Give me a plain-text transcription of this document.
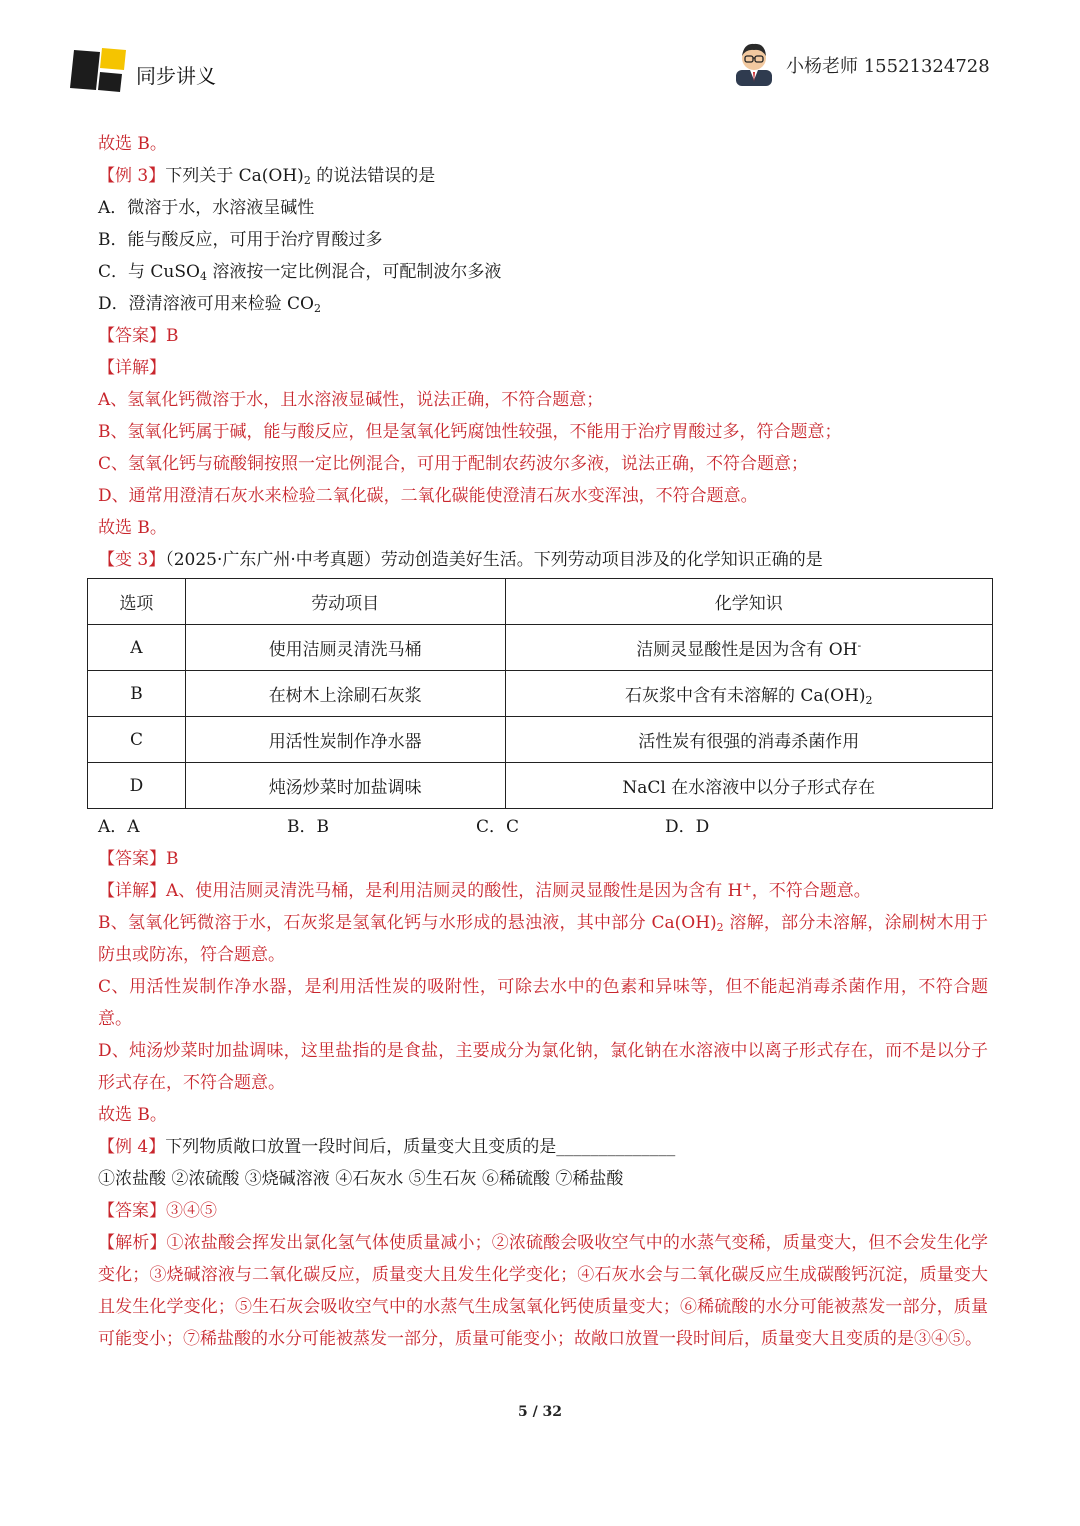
同步讲义	小杨老师 15521324728
故选 B。
【例 3】下列关于 $Ca(OH)_2$ 的说法错误的是
A．微溶于水，水溶液呈碱性
B．能与酸反应，可用于治疗胃酸过多
C．与 CuSO$_4$ 溶液按一定比例混合，可配制波尔多液
D．澄清溶液可用来检验 $CO_2$
【答案】B
【详解】
A、氢氧化钙微溶于水，且水溶液显碱性，说法正确，不符合题意；
B、氢氧化钙属于碱，能与酸反应，但是氢氧化钙腐蚀性较强，不能用于治疗胃酸过多，符合题意；
C、氢氧化钙与硫酸铜按照一定比例混合，可用于配制农药波尔多液，说法正确，不符合题意；
D、通常用澄清石灰水来检验二氧化碳，二氧化碳能使澄清石灰水变浑浊，不符合题意。
故选 B。
【变 3】（2025·广东广州·中考真题）劳动创造美好生活。下列劳动项目涉及的化学知识正确的是
选项	劳动项目	化学知识
A	使用洁厕灵清洗马桶	洁厕灵显酸性是因为含有 OH-
B	在树木上涂刷石灰浆	石灰浆中含有未溶解的 $Ca(OH)_2$
C	用活性炭制作净水器	活性炭有很强的消毒杀菌作用
D	炖汤炒菜时加盐调味	NaCl 在水溶液中以分子形式存在
A．A	B．B	C．C	D．D
【答案】B
【详解】A、使用洁厕灵清洗马桶，是利用洁厕灵的酸性，洁厕灵显酸性是因为含有 H+，不符合题意。
B、氢氧化钙微溶于水，石灰浆是氢氧化钙与水形成的悬浊液，其中部分 $Ca(OH)_2$ 溶解，部分未溶解，涂刷树木用于防虫或防冻，符合题意。
C、用活性炭制作净水器，是利用活性炭的吸附性，可除去水中的色素和异味等，但不能起消毒杀菌作用，不符合题意。
D、炖汤炒菜时加盐调味，这里盐指的是食盐，主要成分为氯化钠，氯化钠在水溶液中以离子形式存在，而不是以分子形式存在，不符合题意。
故选 B。
【例 4】下列物质敞口放置一段时间后，质量变大且变质的是______________
①浓盐酸 ②浓硫酸 ③烧碱溶液 ④石灰水 ⑤生石灰 ⑥稀硫酸 ⑦稀盐酸
【答案】③④⑤
【解析】①浓盐酸会挥发出氯化氢气体使质量减小；②浓硫酸会吸收空气中的水蒸气变稀，质量变大，但不会发生化学变化；③烧碱溶液与二氧化碳反应，质量变大且发生化学变化；④石灰水会与二氧化碳反应生成碳酸钙沉淀，质量变大且发生化学变化；⑤生石灰会吸收空气中的水蒸气生成氢氧化钙使质量变大；⑥稀硫酸的水分可能被蒸发一部分，质量可能变小；⑦稀盐酸的水分可能被蒸发一部分，质量可能变小；故敞口放置一段时间后，质量变大且变质的是③④⑤。
5 / 32
